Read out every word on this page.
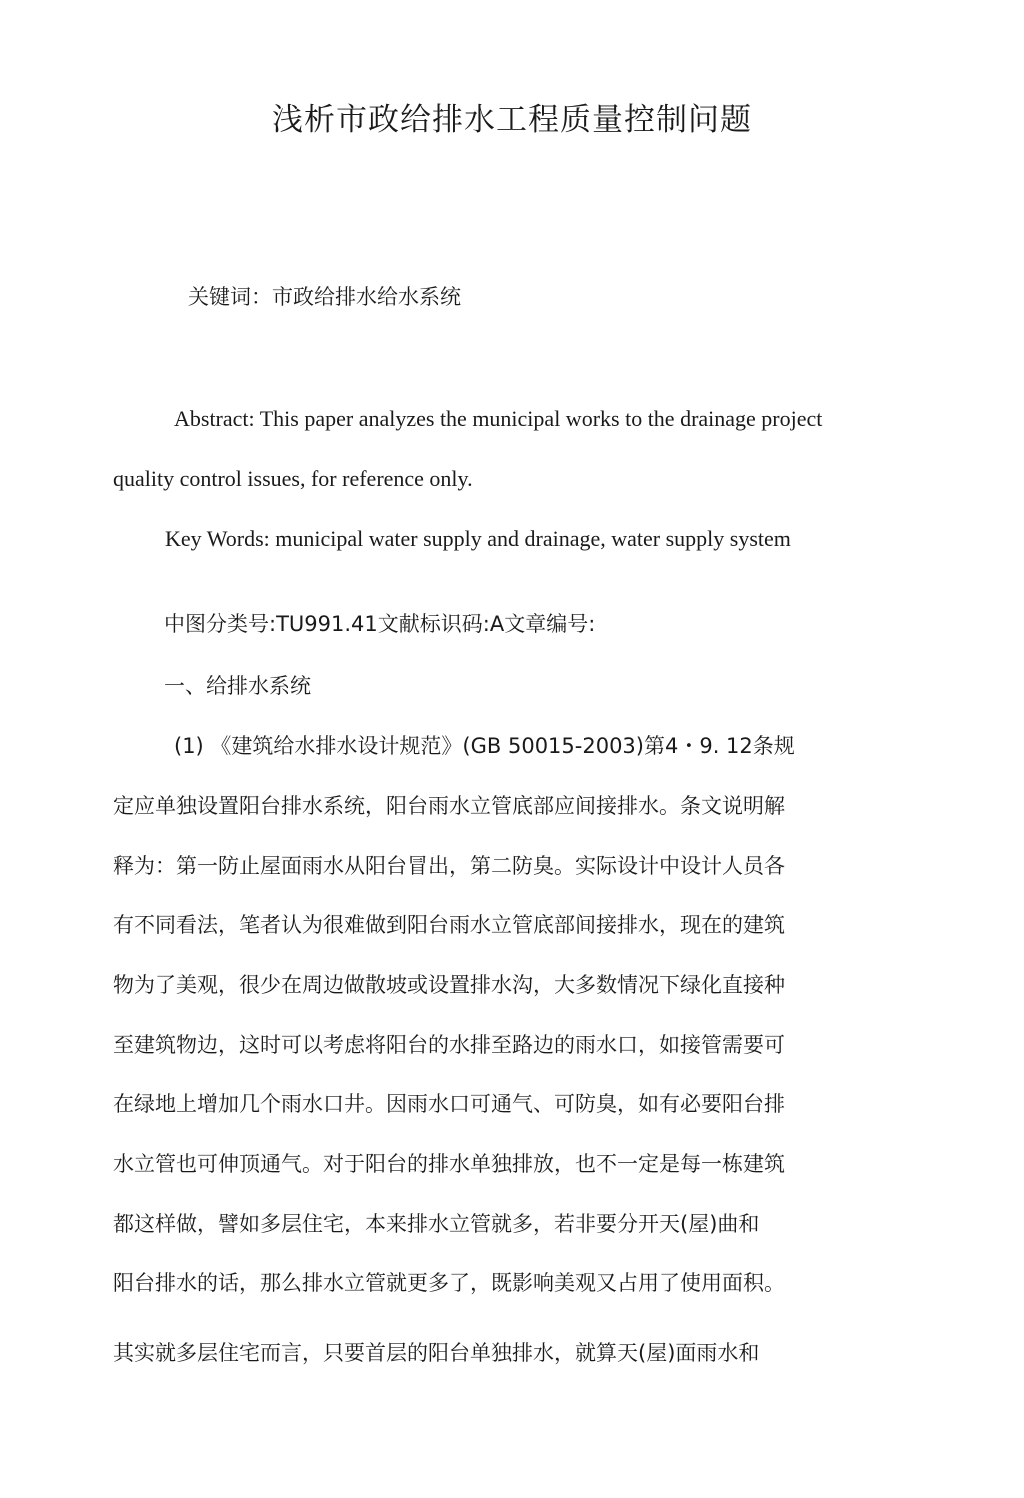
浅析市政给排水工程质量控制问题
关键词：市政给排水给水系统
Abstract: This paper analyzes the municipal works to the drainage project
quality control issues, for reference only.
Key Words: municipal water supply and drainage, water supply system
中图分类号:TU991.41文献标识码:A文章编号:
一、给排水系统
(1) 《建筑给水排水设计规范》(GB 50015-2003)第4・9. 12条规
定应单独设置阳台排水系统，阳台雨水立管底部应间接排水。条文说明解
释为：第一防止屋面雨水从阳台冒出，第二防臭。实际设计中设计人员各
有不同看法，笔者认为很难做到阳台雨水立管底部间接排水，现在的建筑
物为了美观，很少在周边做散坡或设置排水沟，大多数情况下绿化直接种
至建筑物边，这时可以考虑将阳台的水排至路边的雨水口，如接管需要可
在绿地上增加几个雨水口井。因雨水口可通气、可防臭，如有必要阳台排
水立管也可伸顶通气。对于阳台的排水单独排放，也不一定是每一栋建筑
都这样做，譬如多层住宅，本来排水立管就多，若非要分开天(屋)曲和
阳台排水的话，那么排水立管就更多了，既影响美观又占用了使用面积。
其实就多层住宅而言，只要首层的阳台单独排水，就算天(屋)面雨水和
